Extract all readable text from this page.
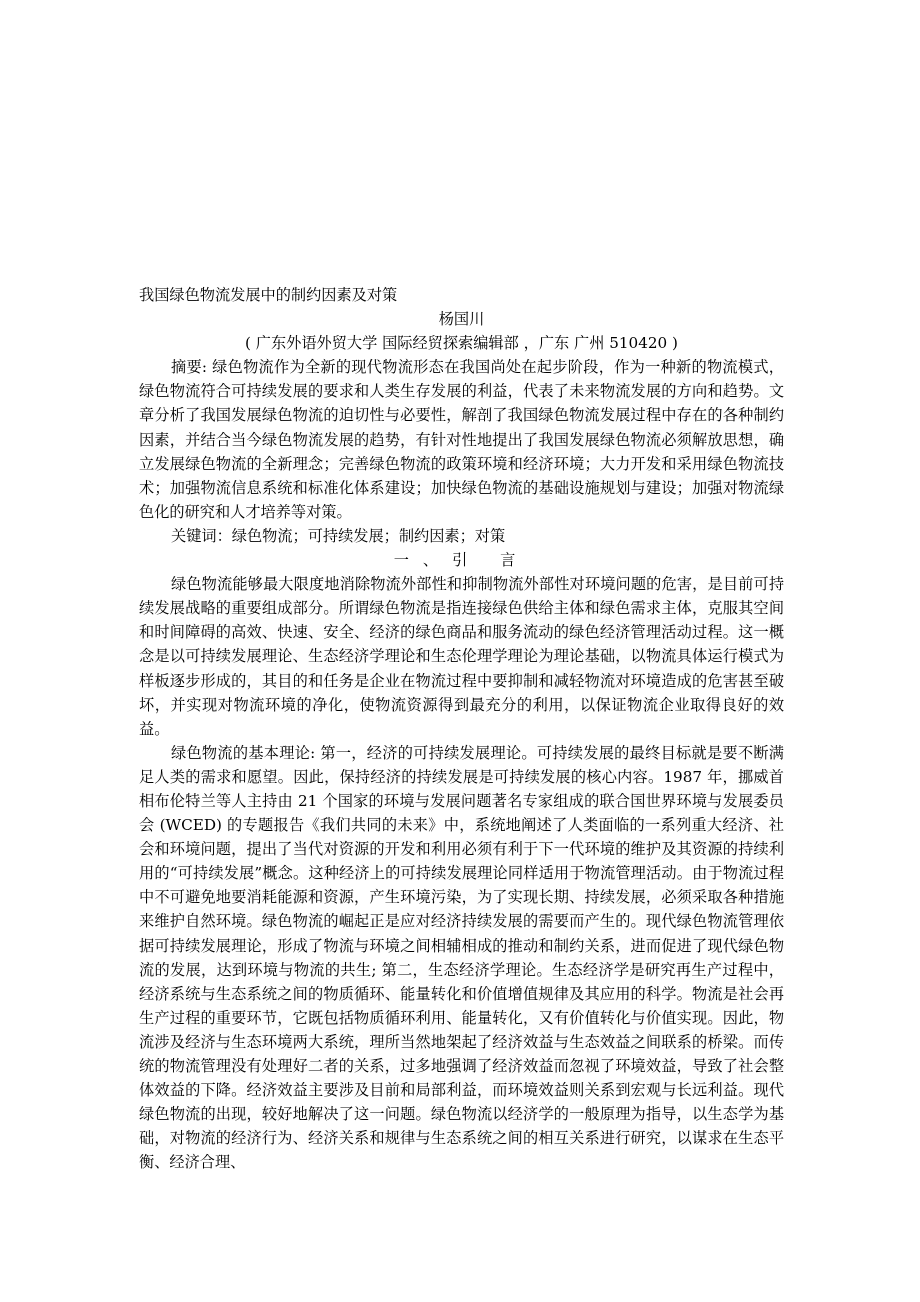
我国绿色物流发展中的制约因素及对策
杨国川
( 广东外语外贸大学 国际经贸探索编辑部 ，广东 广州 510420 )

摘要: 绿色物流作为全新的现代物流形态在我国尚处在起步阶段，作为一种新的物流模式，绿色物流符合可持续发展的要求和人类生存发展的利益，代表了未来物流发展的方向和趋势。文章分析了我国发展绿色物流的迫切性与必要性，解剖了我国绿色物流发展过程中存在的各种制约因素，并结合当今绿色物流发展的趋势，有针对性地提出了我国发展绿色物流必须解放思想，确立发展绿色物流的全新理念；完善绿色物流的政策环境和经济环境；大力开发和采用绿色物流技术；加强物流信息系统和标准化体系建设；加快绿色物流的基础设施规划与建设；加强对物流绿色化的研究和人才培养等对策。

关键词：绿色物流；可持续发展；制约因素；对策
一、引 言

绿色物流能够最大限度地消除物流外部性和抑制物流外部性对环境问题的危害，是目前可持续发展战略的重要组成部分。所谓绿色物流是指连接绿色供给主体和绿色需求主体，克服其空间和时间障碍的高效、快速、安全、经济的绿色商品和服务流动的绿色经济管理活动过程。这一概念是以可持续发展理论、生态经济学理论和生态伦理学理论为理论基础，以物流具体运行模式为样板逐步形成的，其目的和任务是企业在物流过程中要抑制和减轻物流对环境造成的危害甚至破坏，并实现对物流环境的净化，使物流资源得到最充分的利用，以保证物流企业取得良好的效益。

绿色物流的基本理论: 第一，经济的可持续发展理论。可持续发展的最终目标就是要不断满足人类的需求和愿望。因此，保持经济的持续发展是可持续发展的核心内容。1987 年，挪威首相布伦特兰等人主持由 21 个国家的环境与发展问题著名专家组成的联合国世界环境与发展委员会 (WCED) 的专题报告《我们共同的未来》中，系统地阐述了人类面临的一系列重大经济、社会和环境问题，提出了当代对资源的开发和利用必须有利于下一代环境的维护及其资源的持续利用的“可持续发展”概念。这种经济上的可持续发展理论同样适用于物流管理活动。由于物流过程中不可避免地要消耗能源和资源，产生环境污染，为了实现长期、持续发展，必须采取各种措施来维护自然环境。绿色物流的崛起正是应对经济持续发展的需要而产生的。现代绿色物流管理依据可持续发展理论，形成了物流与环境之间相辅相成的推动和制约关系，进而促进了现代绿色物流的发展，达到环境与物流的共生; 第二，生态经济学理论。生态经济学是研究再生产过程中，经济系统与生态系统之间的物质循环、能量转化和价值增值规律及其应用的科学。物流是社会再生产过程的重要环节，它既包括物质循环利用、能量转化，又有价值转化与价值实现。因此，物流涉及经济与生态环境两大系统，理所当然地架起了经济效益与生态效益之间联系的桥梁。而传统的物流管理没有处理好二者的关系，过多地强调了经济效益而忽视了环境效益，导致了社会整体效益的下降。经济效益主要涉及目前和局部利益，而环境效益则关系到宏观与长远利益。现代绿色物流的出现，较好地解决了这一问题。绿色物流以经济学的一般原理为指导，以生态学为基础，对物流的经济行为、经济关系和规律与生态系统之间的相互关系进行研究，以谋求在生态平衡、经济合理、
